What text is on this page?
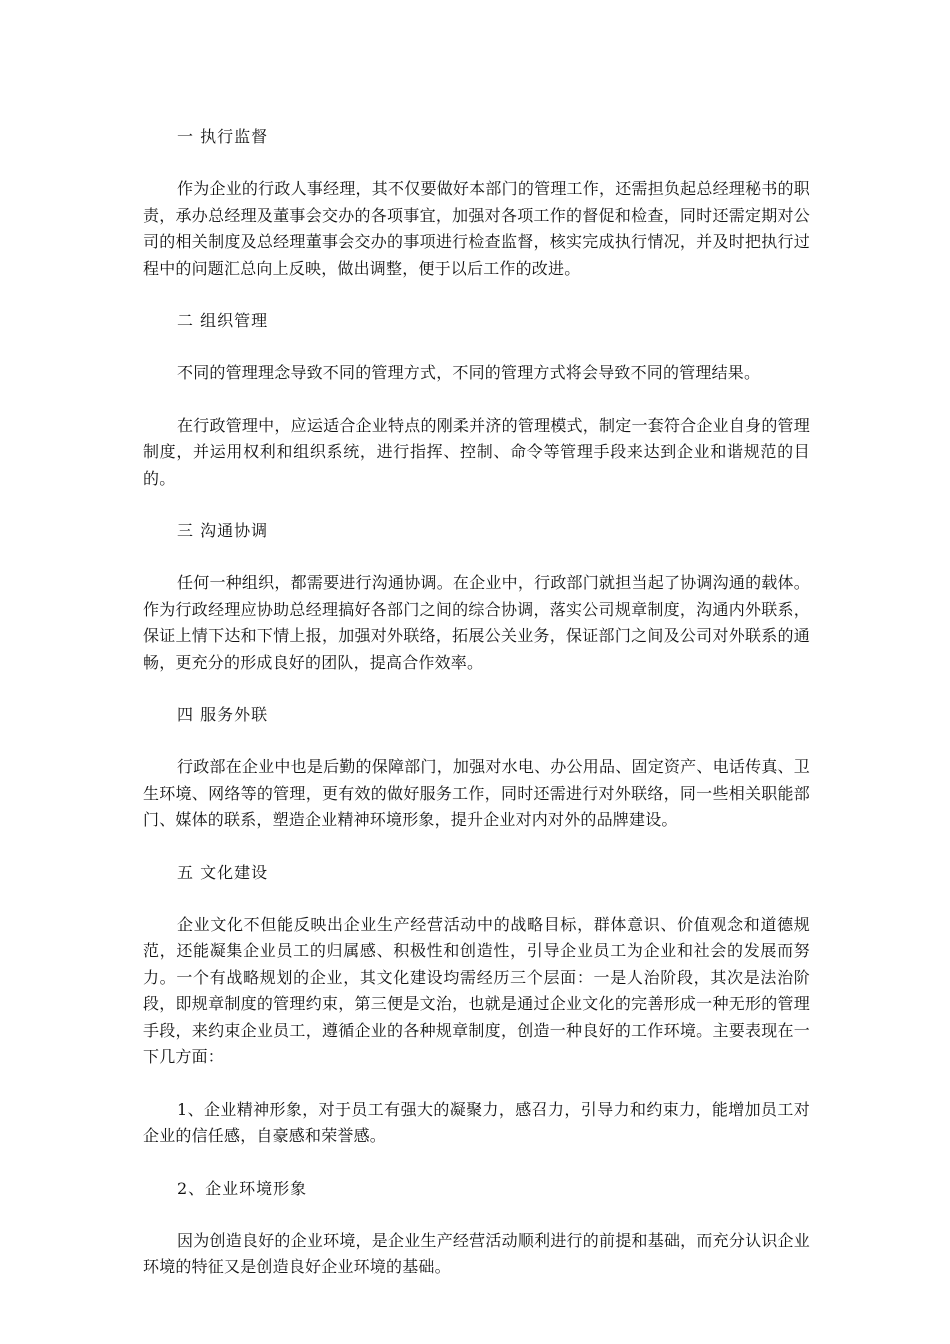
一 执行监督

作为企业的行政人事经理，其不仅要做好本部门的管理工作，还需担负起总经理秘书的职责，承办总经理及董事会交办的各项事宜，加强对各项工作的督促和检查，同时还需定期对公司的相关制度及总经理董事会交办的事项进行检查监督，核实完成执行情况，并及时把执行过程中的问题汇总向上反映，做出调整，便于以后工作的改进。

二 组织管理

不同的管理理念导致不同的管理方式，不同的管理方式将会导致不同的管理结果。

在行政管理中，应运适合企业特点的刚柔并济的管理模式，制定一套符合企业自身的管理制度，并运用权利和组织系统，进行指挥、控制、命令等管理手段来达到企业和谐规范的目的。

三 沟通协调

任何一种组织，都需要进行沟通协调。在企业中，行政部门就担当起了协调沟通的载体。作为行政经理应协助总经理搞好各部门之间的综合协调，落实公司规章制度，沟通内外联系，保证上情下达和下情上报，加强对外联络，拓展公关业务，保证部门之间及公司对外联系的通畅，更充分的形成良好的团队，提高合作效率。

四 服务外联

行政部在企业中也是后勤的保障部门，加强对水电、办公用品、固定资产、电话传真、卫生环境、网络等的管理，更有效的做好服务工作，同时还需进行对外联络，同一些相关职能部门、媒体的联系，塑造企业精神环境形象，提升企业对内对外的品牌建设。

五 文化建设

企业文化不但能反映出企业生产经营活动中的战略目标，群体意识、价值观念和道德规范，还能凝集企业员工的归属感、积极性和创造性，引导企业员工为企业和社会的发展而努力。一个有战略规划的企业，其文化建设均需经历三个层面：一是人治阶段，其次是法治阶段，即规章制度的管理约束，第三便是文治，也就是通过企业文化的完善形成一种无形的管理手段，来约束企业员工，遵循企业的各种规章制度，创造一种良好的工作环境。主要表现在一下几方面：

1、企业精神形象，对于员工有强大的凝聚力，感召力，引导力和约束力，能增加员工对企业的信任感，自豪感和荣誉感。

2、企业环境形象

因为创造良好的企业环境，是企业生产经营活动顺利进行的前提和基础，而充分认识企业环境的特征又是创造良好企业环境的基础。
